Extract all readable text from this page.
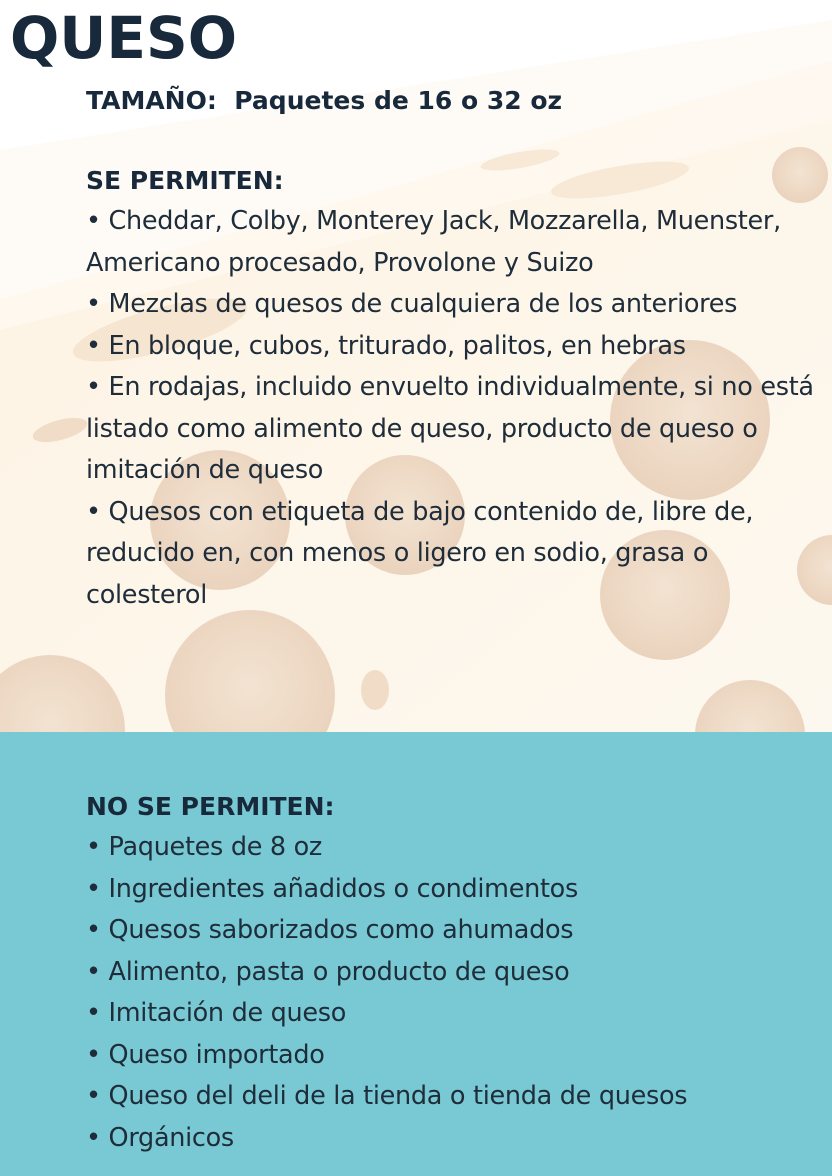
QUESO
TAMAÑO: Paquetes de 16 o 32 oz
SE PERMITEN:
• Cheddar, Colby, Monterey Jack, Mozzarella, Muenster, Americano procesado, Provolone y Suizo
• Mezclas de quesos de cualquiera de los anteriores
• En bloque, cubos, triturado, palitos, en hebras
• En rodajas, incluido envuelto individualmente, si no está listado como alimento de queso, producto de queso o imitación de queso
• Quesos con etiqueta de bajo contenido de, libre de, reducido en, con menos o ligero en sodio, grasa o colesterol
NO SE PERMITEN:
• Paquetes de 8 oz
• Ingredientes añadidos o condimentos
• Quesos saborizados como ahumados
• Alimento, pasta o producto de queso
• Imitación de queso
• Queso importado
• Queso del deli de la tienda o tienda de quesos
• Orgánicos
